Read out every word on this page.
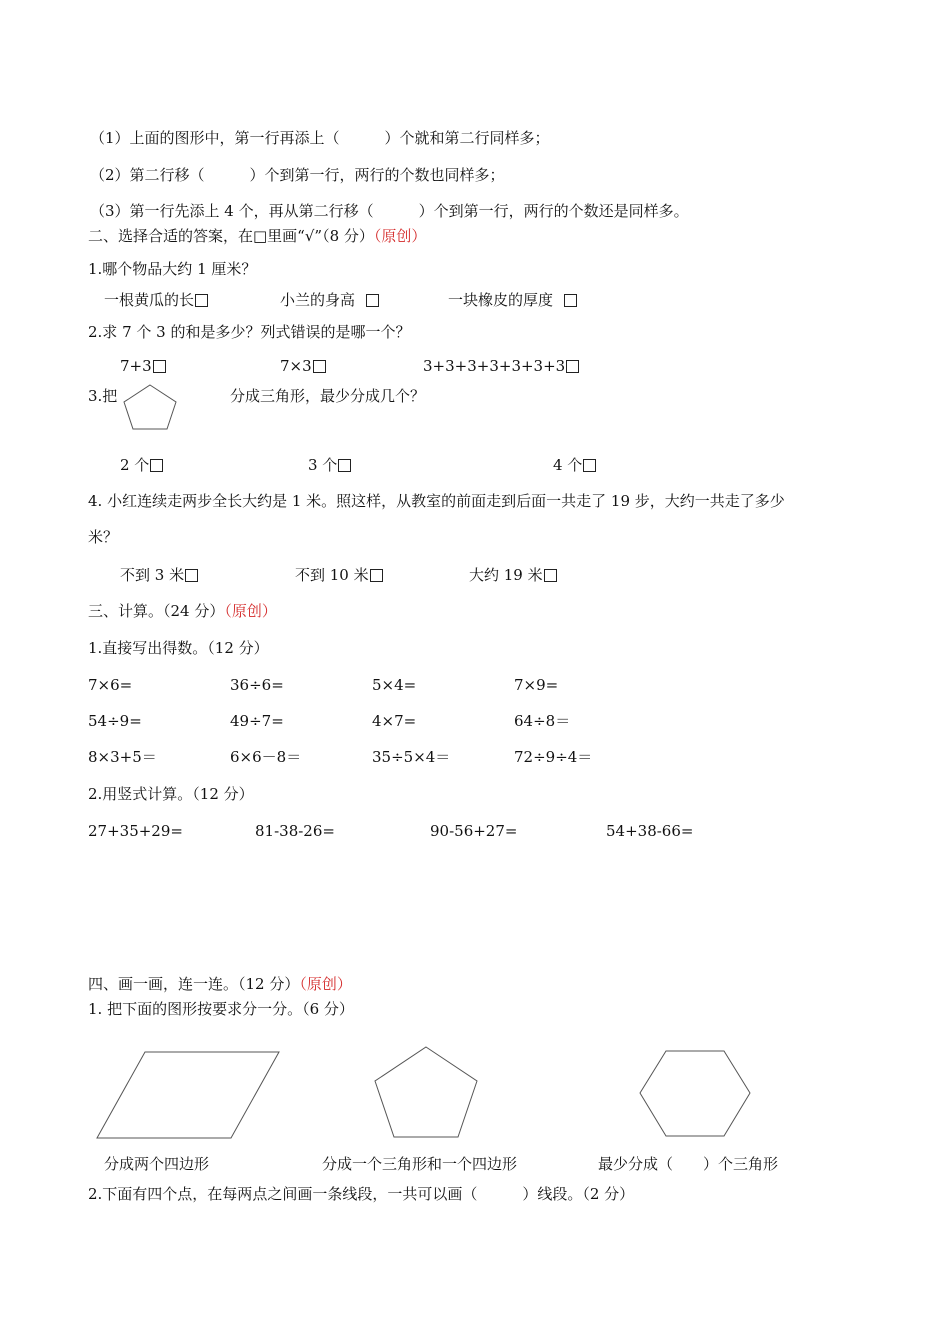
（1）上面的图形中，第一行再添上（　　　）个就和第二行同样多；
（2）第二行移（　　　）个到第一行，两行的个数也同样多；
（3）第一行先添上 4 个，再从第二行移（　　　）个到第一行，两行的个数还是同样多。
二、选择合适的答案，在□里画“√”（8 分）（原创）
1.哪个物品大约 1 厘米？
一根黄瓜的长	小兰的身高	一块橡皮的厚度
2.求 7 个 3 的和是多少？列式错误的是哪一个？
7+3	7×3	3+3+3+3+3+3+3
3.把	分成三角形，最少分成几个？
2 个	3 个	4 个
4. 小红连续走两步全长大约是 1 米。照这样，从教室的前面走到后面一共走了 19 步，大约一共走了多少
米？
不到 3 米	不到 10 米	大约 19 米
三、计算。（24 分）（原创）
1.直接写出得数。（12 分）
7×6=	36÷6=	5×4=	7×9=
54÷9=	49÷7=	4×7=	64÷8＝
8×3+5＝	6×6－8＝	35÷5×4＝	72÷9÷4＝
2.用竖式计算。（12 分）
27+35+29=	81-38-26=	90-56+27=	54+38-66=
四、画一画，连一连。（12 分）（原创）
1. 把下面的图形按要求分一分。（6 分）
分成两个四边形	分成一个三角形和一个四边形	最少分成（　　）个三角形
2.下面有四个点，在每两点之间画一条线段，一共可以画（　　　）线段。（2 分）
